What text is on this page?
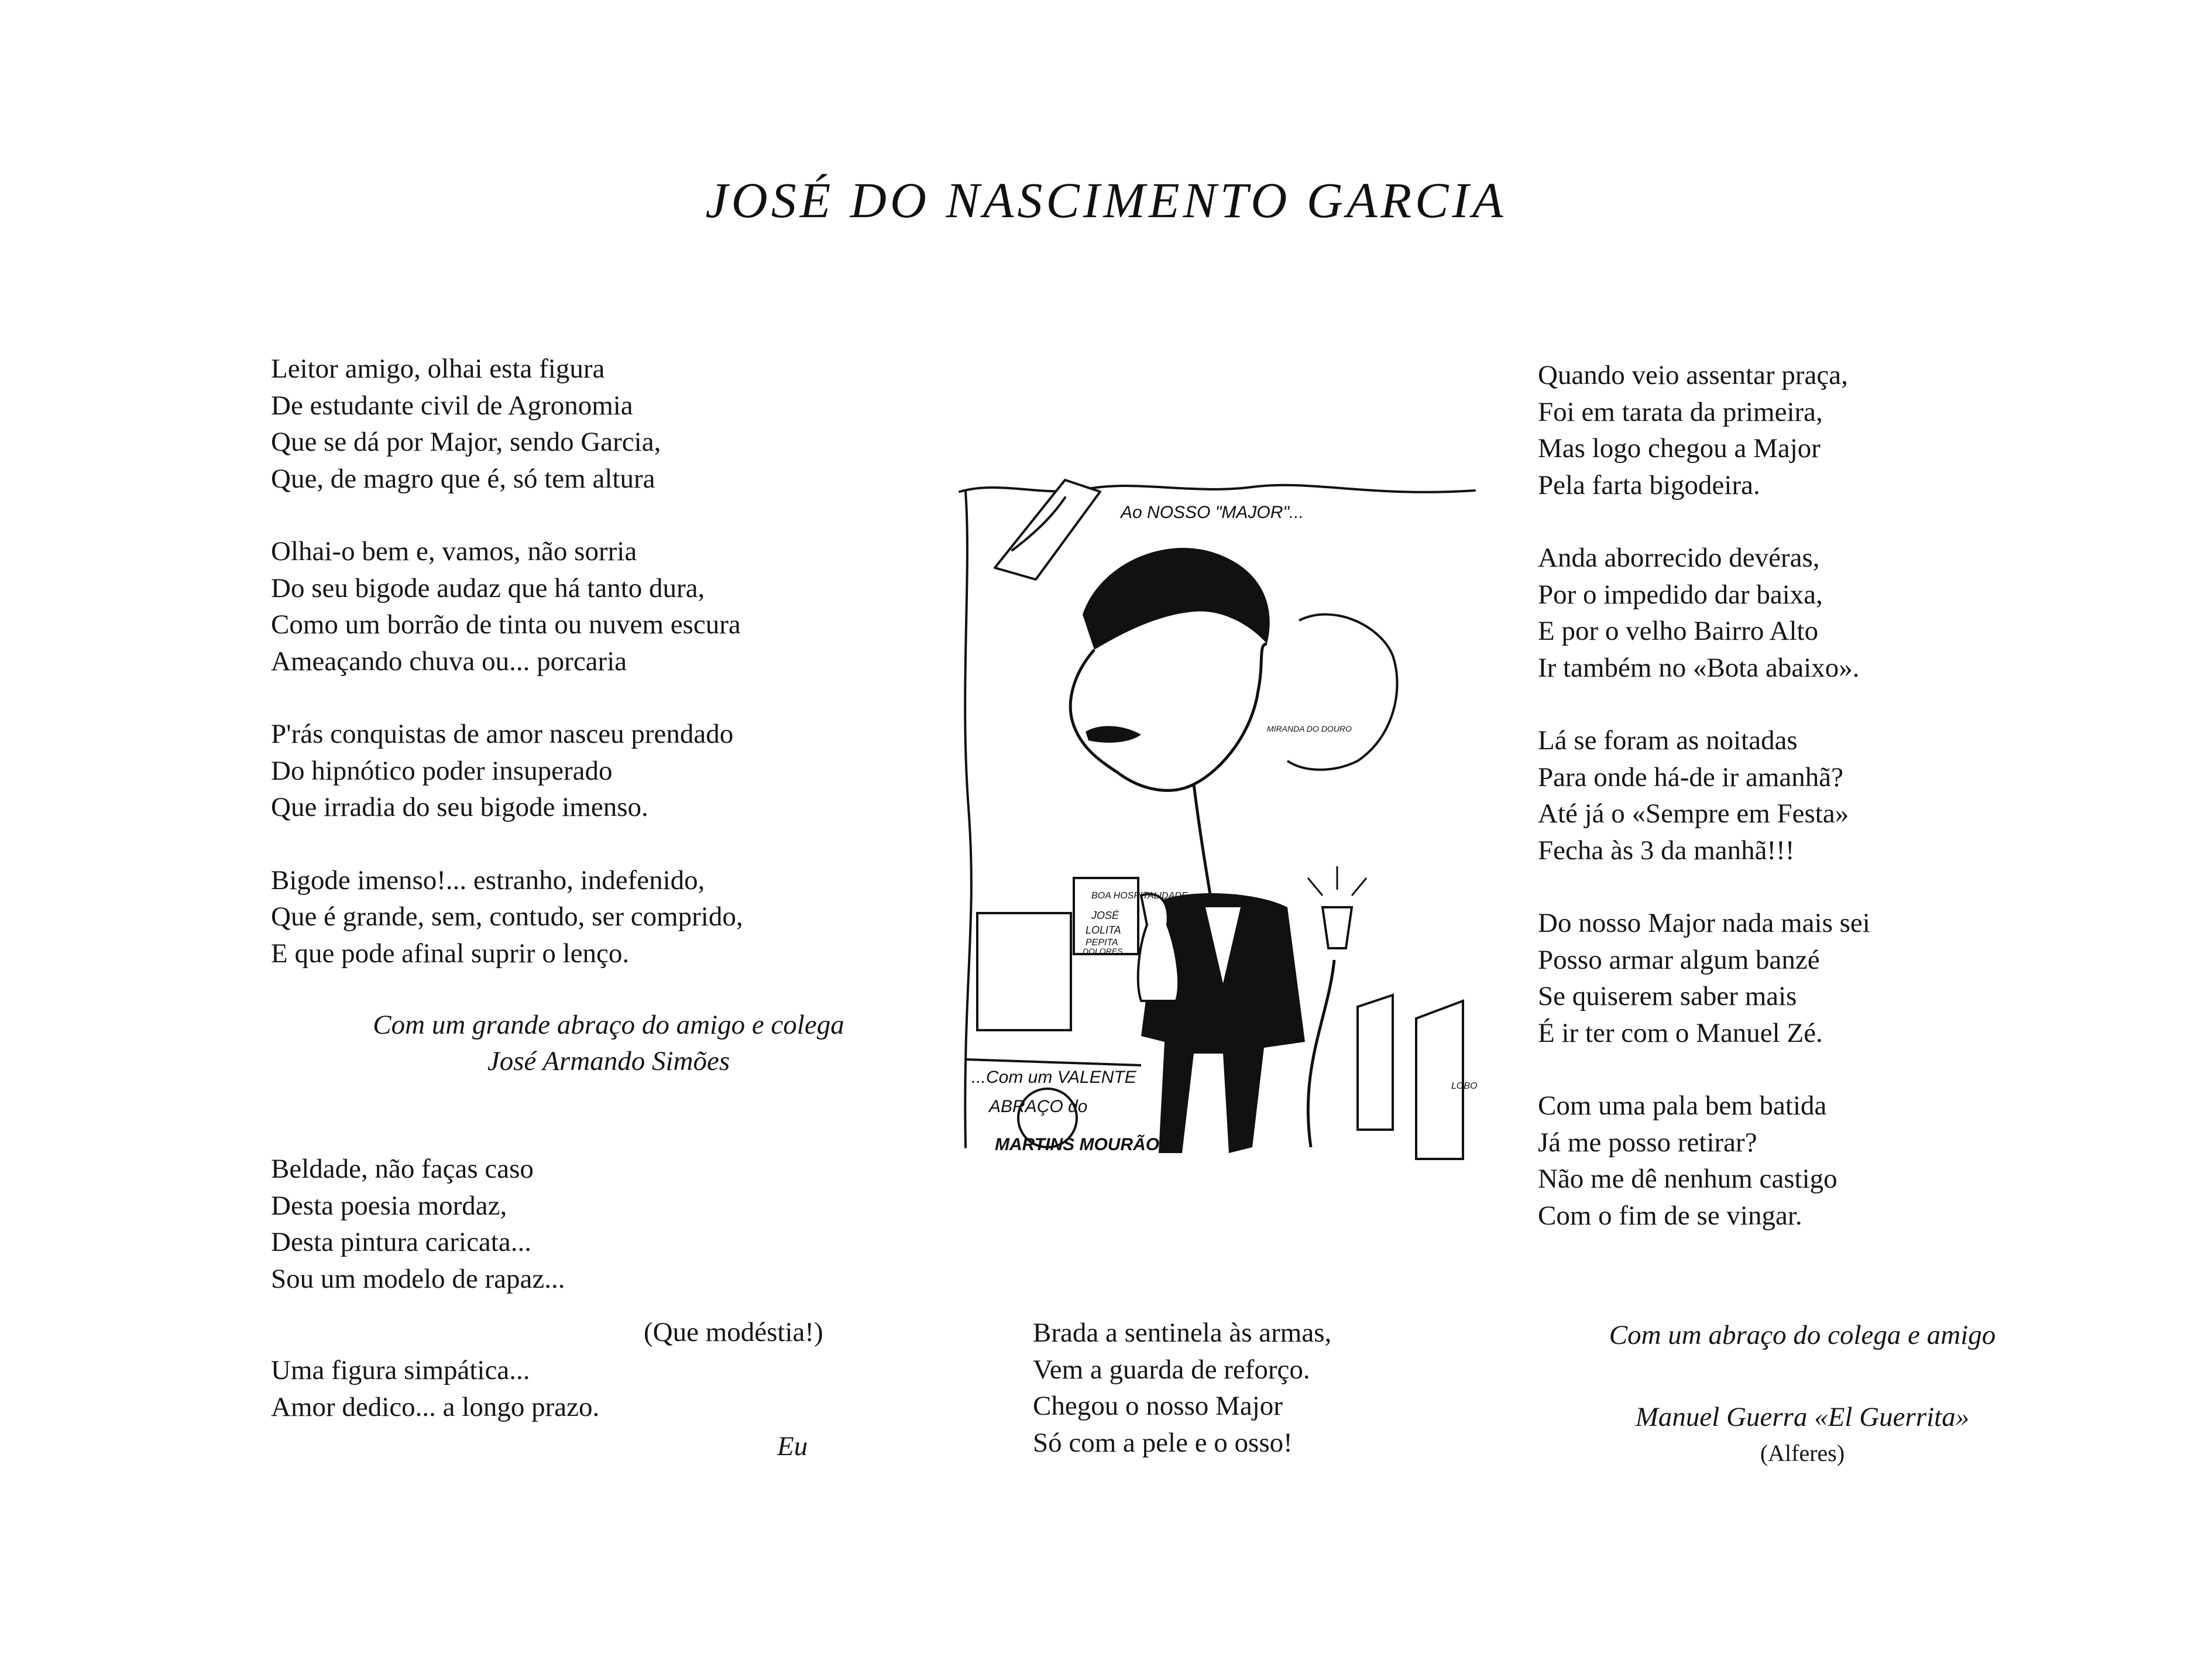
JOSÉ DO NASCIMENTO GARCIA

Leitor amigo, olhai esta figura
De estudante civil de Agronomia
Que se dá por Major, sendo Garcia,
Que, de magro que é, só tem altura

Olhai-o bem e, vamos, não sorria
Do seu bigode audaz que há tanto dura,
Como um borrão de tinta ou nuvem escura
Ameaçando chuva ou... porcaria

P'rás conquistas de amor nasceu prendado
Do hipnótico poder insuperado
Que irradia do seu bigode imenso.

Bigode imenso!... estranho, indefenido,
Que é grande, sem, contudo, ser comprido,
E que pode afinal suprir o lenço.

Com um grande abraço do amigo e colega
José Armando Simões
Beldade, não faças caso
Desta poesia mordaz,
Desta pintura caricata...
Sou um modelo de rapaz...
(Que modéstia!)
Uma figura simpática...
Amor dedico... a longo prazo.
Eu
Ao NOSSO "MAJOR"...
...Com um VALENTE
ABRAÇO do
MARTINS MOURÃO
BOA HOSPITALIDADE
JOSÉ
LOLITA
PEPITA
DOLORES
MIRANDA DO DOURO
LOBO
Brada a sentinela às armas,
Vem a guarda de reforço.
Chegou o nosso Major
Só com a pele e o osso!

Quando veio assentar praça,
Foi em tarata da primeira,
Mas logo chegou a Major
Pela farta bigodeira.

Anda aborrecido devéras,
Por o impedido dar baixa,
E por o velho Bairro Alto
Ir também no «Bota abaixo».

Lá se foram as noitadas
Para onde há-de ir amanhã?
Até já o «Sempre em Festa»
Fecha às 3 da manhã!!!

Do nosso Major nada mais sei
Posso armar algum banzé
Se quiserem saber mais
É ir ter com o Manuel Zé.

Com uma pala bem batida
Já me posso retirar?
Não me dê nenhum castigo
Com o fim de se vingar.

Com um abraço do colega e amigo
Manuel Guerra «El Guerrita»
(Alferes)
